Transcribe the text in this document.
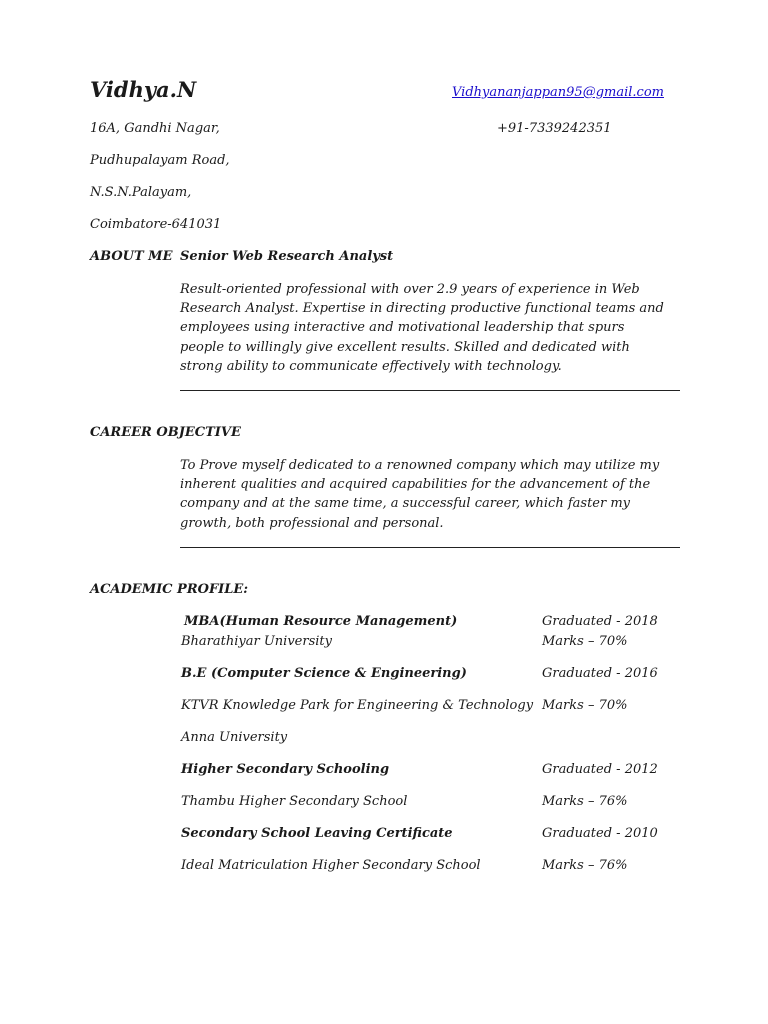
Vidhya.N	Vidhyananjappan95@gmail.com
+91-7339242351
16A, Gandhi Nagar,
Pudhupalayam Road,
N.S.N.Palayam,
Coimbatore-641031
ABOUT ME Senior Web Research Analyst
Result-oriented professional with over 2.9 years of experience in Web Research Analyst. Expertise in directing productive functional teams and employees using interactive and motivational leadership that spurs people to willingly give excellent results. Skilled and dedicated with strong ability to communicate effectively with technology.
CAREER OBJECTIVE
To Prove myself dedicated to a renowned company which may utilize my inherent qualities and acquired capabilities for the advancement of the company and at the same time, a successful career, which faster my growth, both professional and personal.
ACADEMIC PROFILE:
MBA(Human Resource Management)	Graduated - 2018
Bharathiyar University	Marks – 70%
B.E (Computer Science & Engineering)	Graduated - 2016
KTVR Knowledge Park for Engineering & Technology Marks – 70%
Anna University
Higher Secondary Schooling	Graduated - 2012
Thambu Higher Secondary School	Marks – 76%
Secondary School Leaving Certificate	Graduated - 2010
Ideal Matriculation Higher Secondary School	Marks – 76%
